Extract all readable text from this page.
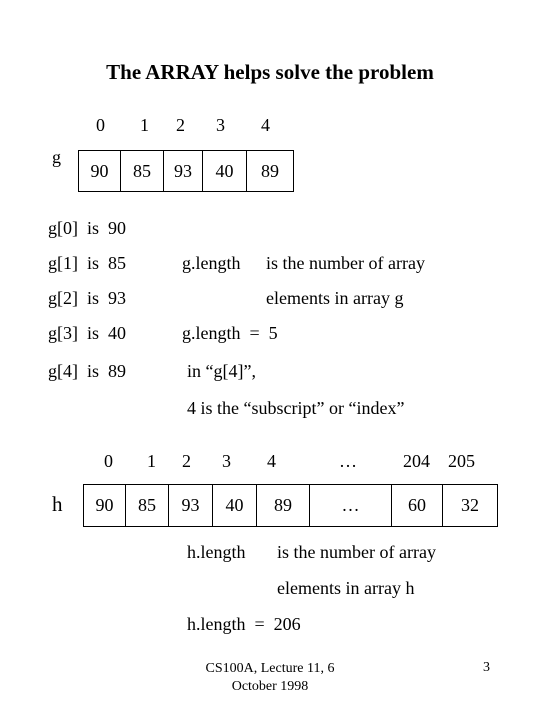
The ARRAY helps solve the problem
g
0 1 2 3 4
90	85	93	40	89
g[0]  is  90
g[1]  is  85
g[2]  is  93
g[3]  is  40
g[4]  is  89
g.length is the number of array
elements in array g
g.length  =  5
in “g[4]”,
4 is the “subscript” or “index”
h
0 1 2 3 4	…	204 205
90	85	93	40	89	…	60	32
h.length is the number of array
elements in array h
h.length  =  206
CS100A, Lecture 11, 6
October 1998
3
